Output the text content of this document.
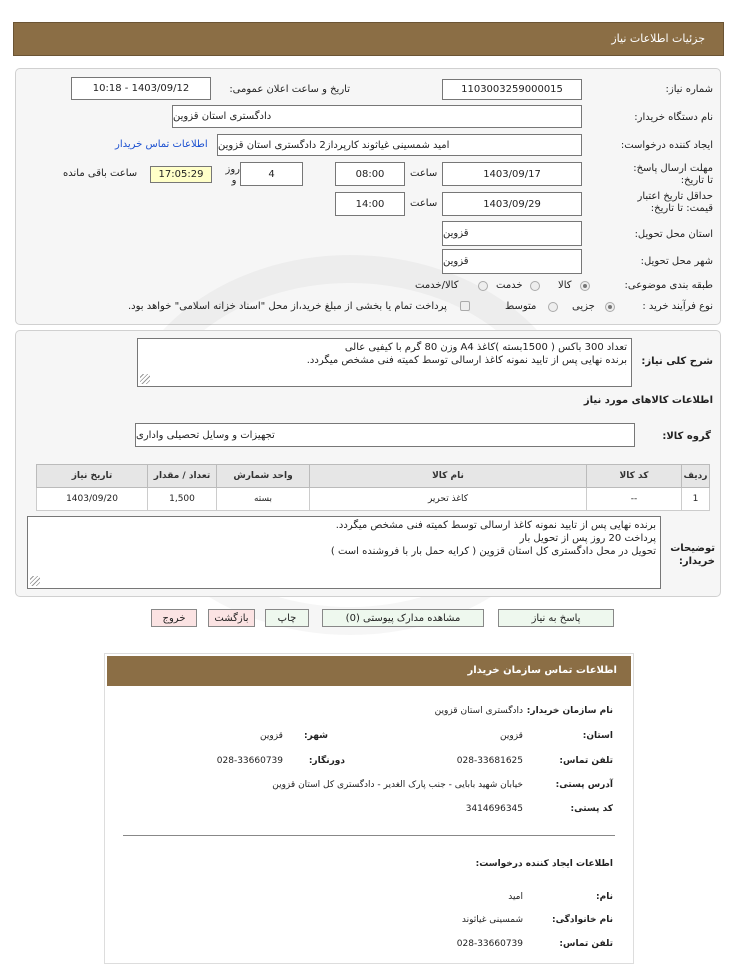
جزئیات اطلاعات نیاز
شماره نیاز:
1103003259000015
تاریخ و ساعت اعلان عمومی:
1403/09/12 - 10:18
نام دستگاه خریدار:
دادگستری استان قزوین
ایجاد کننده درخواست:
امید شمسینی غیاثوند کارپرداز2 دادگستری استان قزوین
اطلاعات تماس خریدار
مهلت ارسال پاسخ: تا تاریخ:
1403/09/17
ساعت
08:00
4
روز و
17:05:29
ساعت باقی مانده
حداقل تاریخ اعتبار قیمت: تا تاریخ:
1403/09/29
ساعت
14:00
استان محل تحویل:
قزوین
شهر محل تحویل:
قزوین
طبقه بندی موضوعی:
کالا
خدمت
کالا/خدمت
نوع فرآیند خرید :
جزیی
متوسط
پرداخت تمام یا بخشی از مبلغ خرید،از محل "اسناد خزانه اسلامی" خواهد بود.
شرح کلی نیاز:
تعداد 300 باکس ( 1500بسته )کاغذ A4 وزن 80 گرم با کیفیی عالی
برنده نهایی پس از تایید نمونه کاغذ ارسالی توسط کمیته فنی مشخص میگردد.
اطلاعات کالاهای مورد نیاز
گروه کالا:
تجهیزات و وسایل تحصیلی واداری
ردیف	کد کالا	نام کالا	واحد شمارش	تعداد / مقدار	تاریخ نیاز
1	--	کاغذ تحریر	بسته	1,500	1403/09/20
توضیحات خریدار:
برنده نهایی پس از تایید نمونه کاغذ ارسالی توسط کمیته فنی مشخص میگردد.
پرداخت 20 روز پس از تحویل بار
تحویل در محل دادگستری کل استان قزوین ( کرایه حمل بار با فروشنده است )
پاسخ به نیاز
مشاهده مدارک پیوستی (0)
چاپ
بازگشت
خروج
اطلاعات تماس سازمان خریدار
نام سازمان خریدار:
دادگستری استان قزوین
استان:
قزوین
شهر:
قزوین
تلفن تماس:
028-33681625
دورنگار:
028-33660739
آدرس پستی:
خیابان شهید بابایی - جنب پارک الغدیر - دادگستری کل استان قزوین
کد پستی:
3414696345
اطلاعات ایجاد کننده درخواست:
نام:
امید
نام خانوادگی:
شمسینی غیاثوند
تلفن تماس:
028-33660739
